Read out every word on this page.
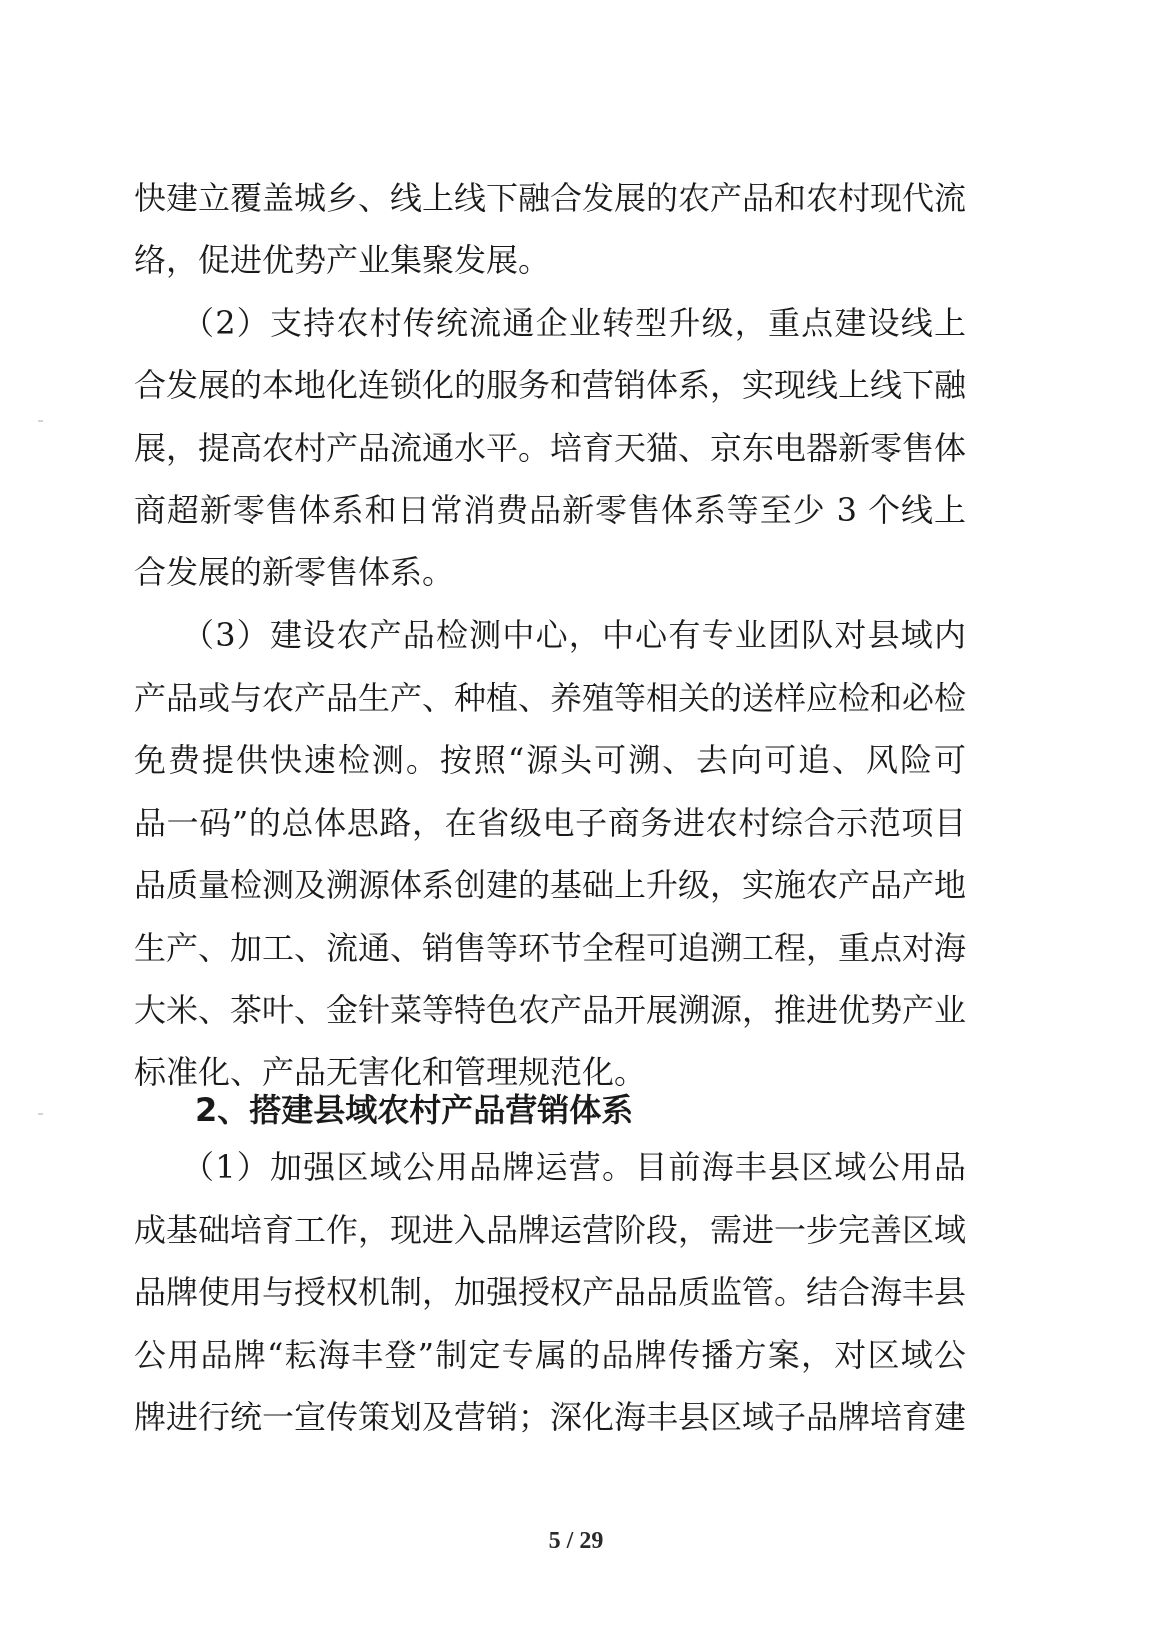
快建立覆盖城乡、线上线下融合发展的农产品和农村现代流
络，促进优势产业集聚发展。
（2）支持农村传统流通企业转型升级，重点建设线上
合发展的本地化连锁化的服务和营销体系，实现线上线下融
展，提高农村产品流通水平。培育天猫、京东电器新零售体
商超新零售体系和日常消费品新零售体系等至少 3 个线上
合发展的新零售体系。
（3）建设农产品检测中心，中心有专业团队对县域内
产品或与农产品生产、种植、养殖等相关的送样应检和必检
免费提供快速检测。按照“源头可溯、去向可追、风险可
品一码”的总体思路，在省级电子商务进农村综合示范项目
品质量检测及溯源体系创建的基础上升级，实施农产品产地
生产、加工、流通、销售等环节全程可追溯工程，重点对海
大米、茶叶、金针菜等特色农产品开展溯源，推进优势产业
标准化、产品无害化和管理规范化。
2、搭建县域农村产品营销体系
（1）加强区域公用品牌运营。目前海丰县区域公用品
成基础培育工作，现进入品牌运营阶段，需进一步完善区域
品牌使用与授权机制，加强授权产品品质监管。结合海丰县
公用品牌“耘海丰登”制定专属的品牌传播方案，对区域公
牌进行统一宣传策划及营销；深化海丰县区域子品牌培育建
5 / 29
